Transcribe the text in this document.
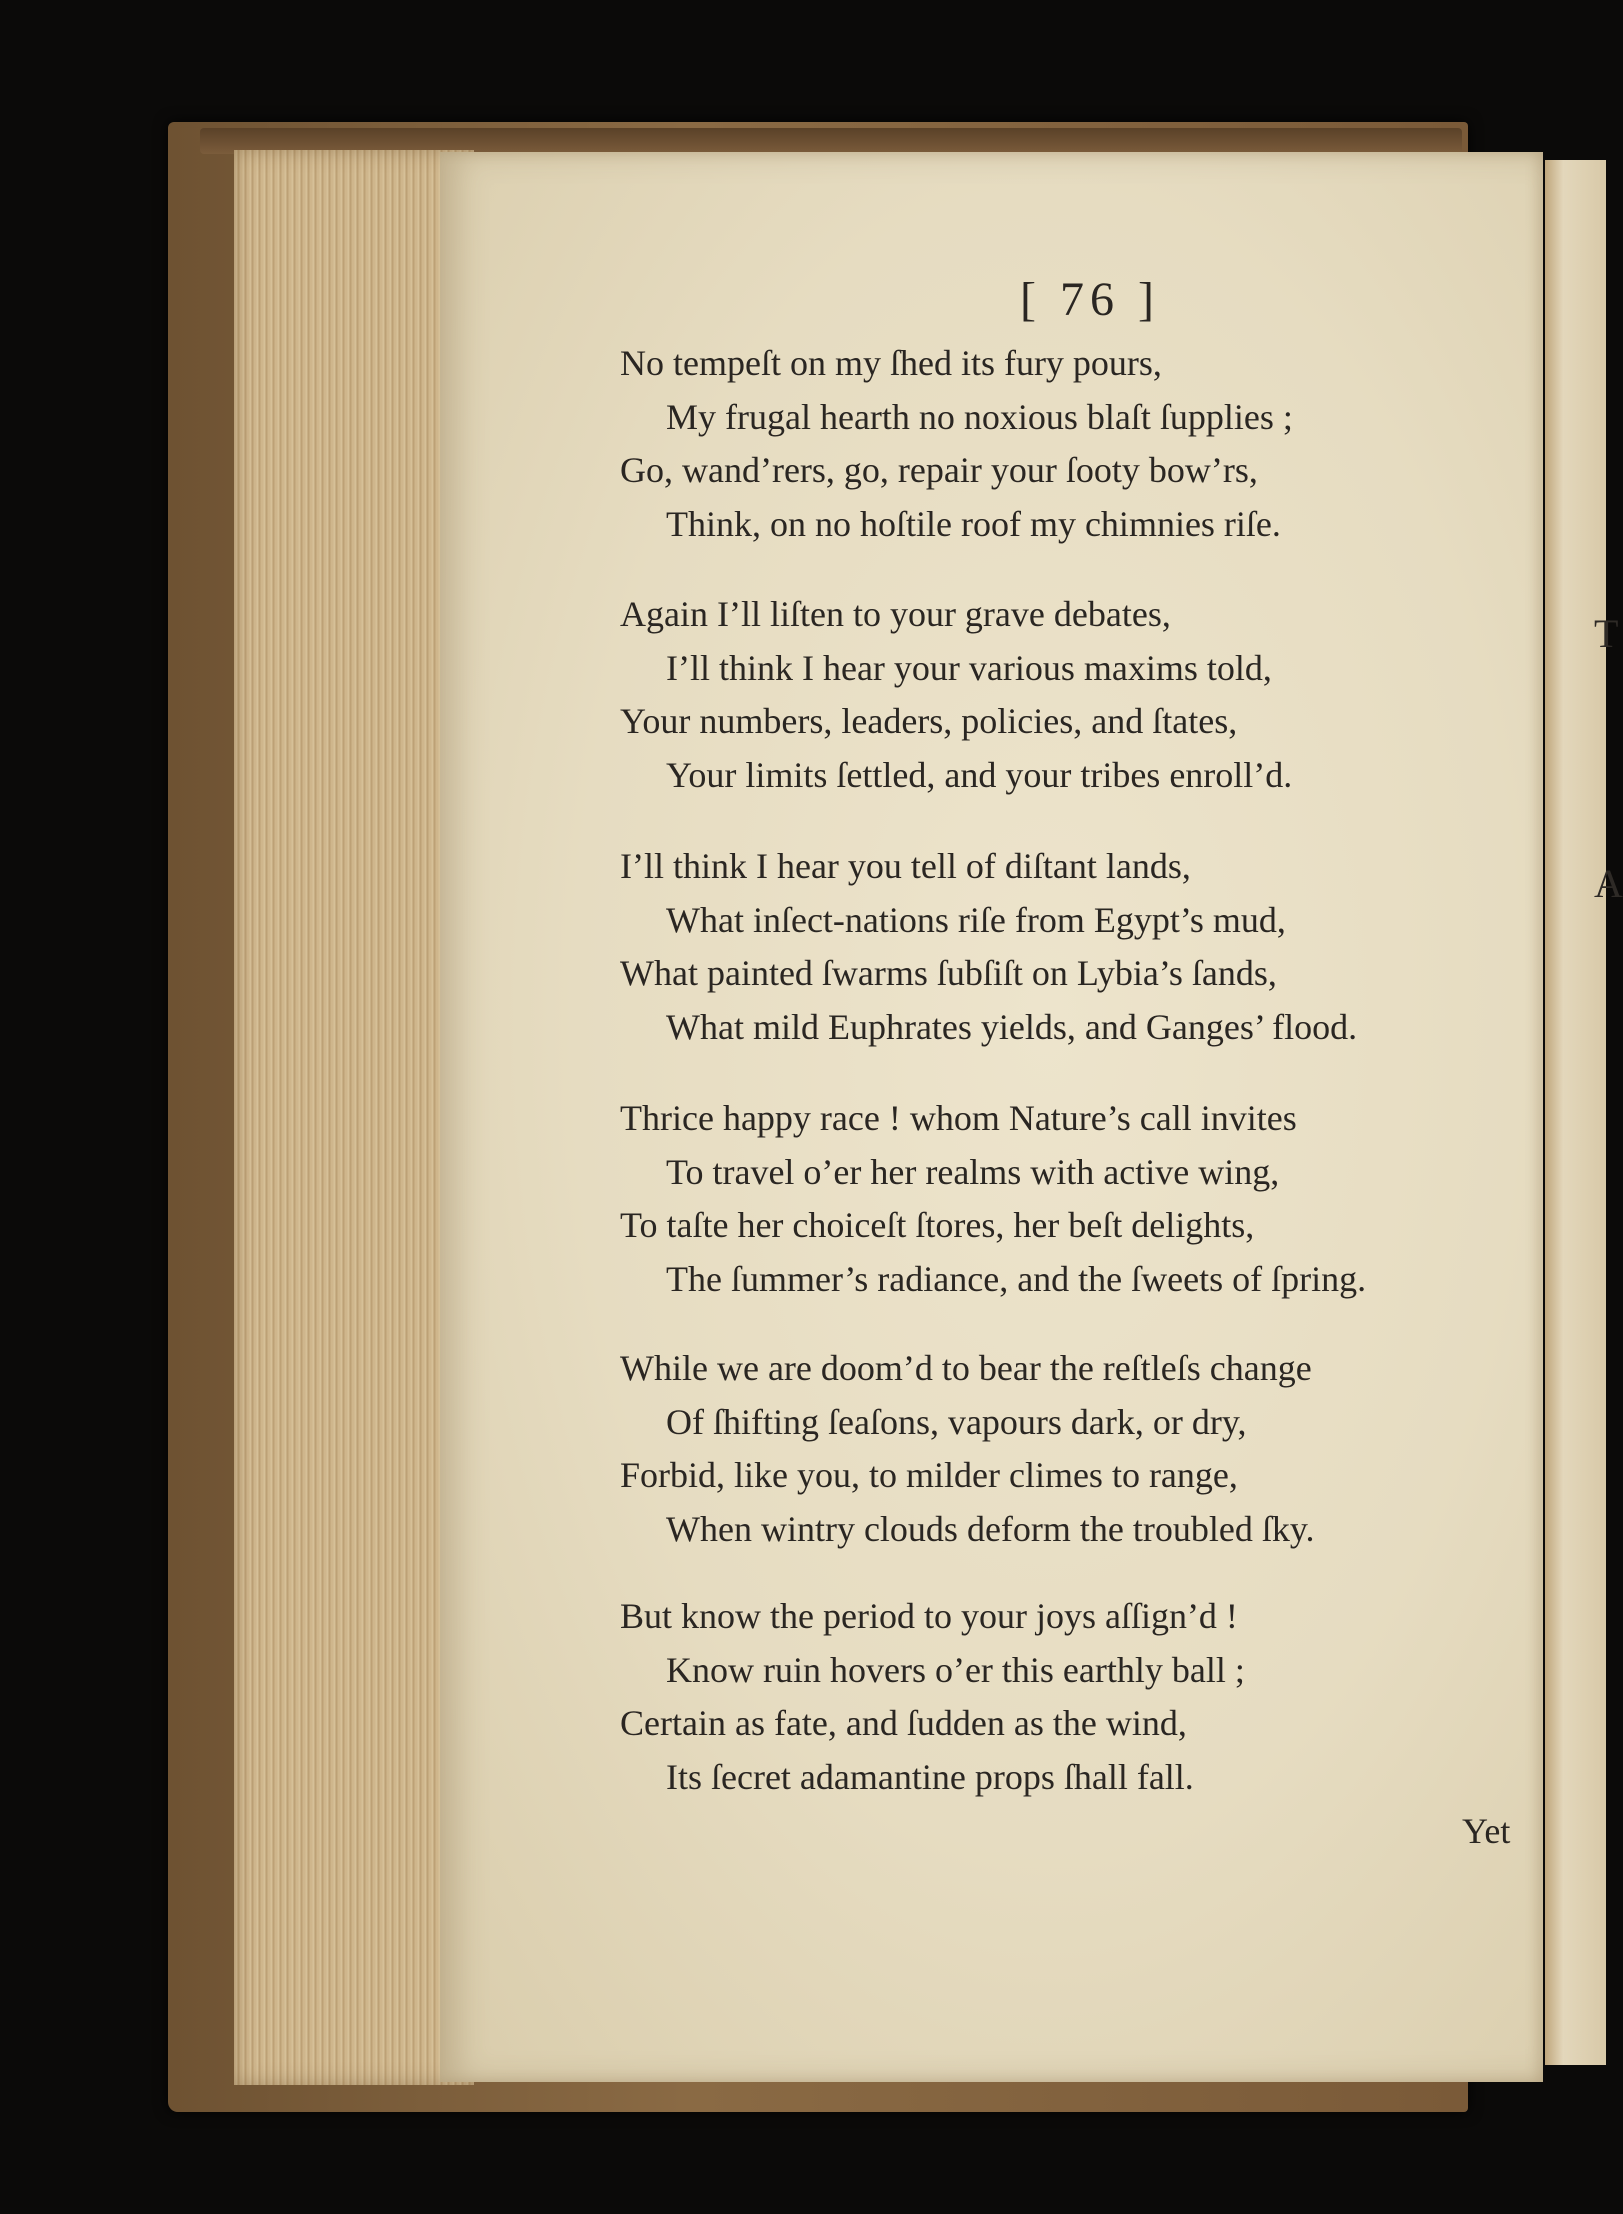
T

A

[ 76 ]

No tempeſt on my ſhed its fury pours,

My frugal hearth no noxious blaſt ſupplies ;

Go, wand’rers, go, repair your ſooty bow’rs,

Think, on no hoſtile roof my chimnies riſe.

Again I’ll liſten to your grave debates,

I’ll think I hear your various maxims told,

Your numbers, leaders, policies, and ſtates,

Your limits ſettled, and your tribes enroll’d.

I’ll think I hear you tell of diſtant lands,

What inſect-nations riſe from Egypt’s mud,

What painted ſwarms ſubſiſt on Lybia’s ſands,

What mild Euphrates yields, and Ganges’ flood.

Thrice happy race ! whom Nature’s call invites

To travel o’er her realms with active wing,

To taſte her choiceſt ſtores, her beſt delights,

The ſummer’s radiance, and the ſweets of ſpring.

While we are doom’d to bear the reſtleſs change

Of ſhifting ſeaſons, vapours dark, or dry,

Forbid, like you, to milder climes to range,

When wintry clouds deform the troubled ſky.

But know the period to your joys aſſign’d !

Know ruin hovers o’er this earthly ball ;

Certain as fate, and ſudden as the wind,

Its ſecret adamantine props ſhall fall.

Yet
